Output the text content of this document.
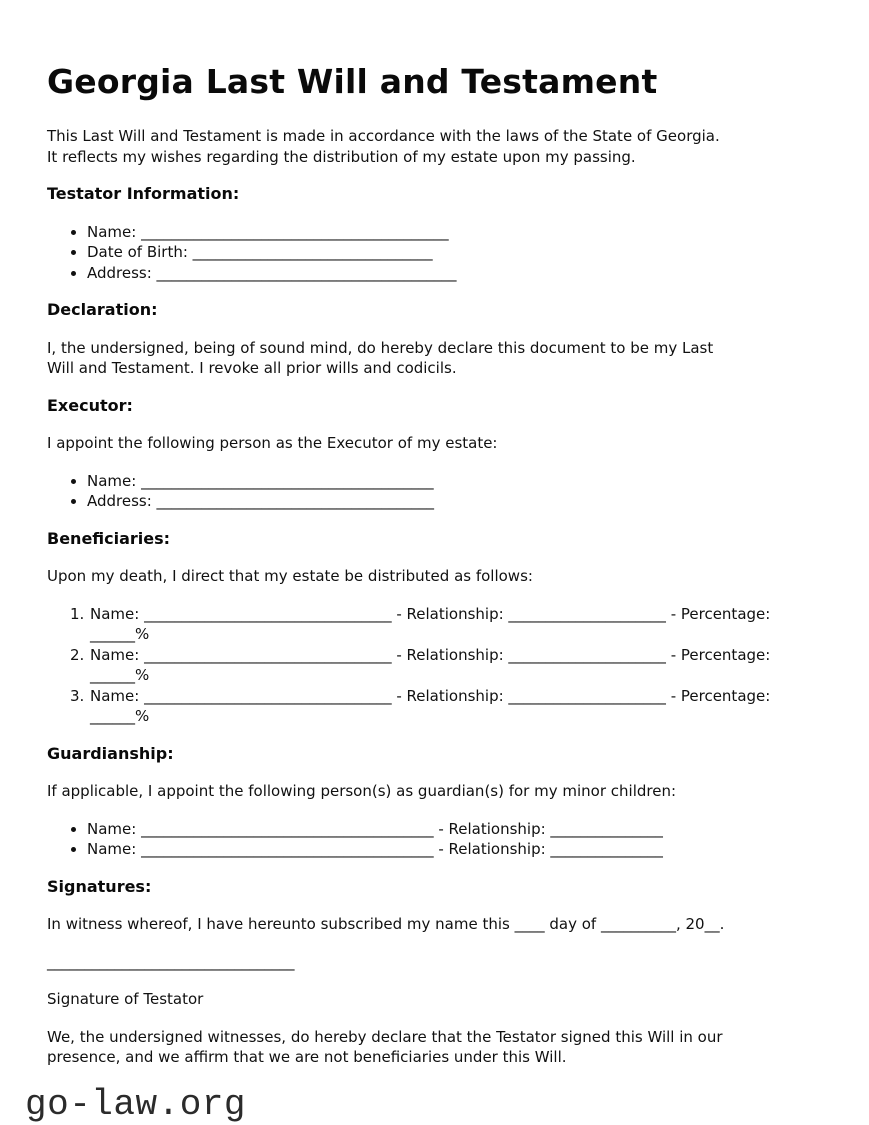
Georgia Last Will and Testament

This Last Will and Testament is made in accordance with the laws of the State of Georgia.
It reflects my wishes regarding the distribution of my estate upon my passing.

Testator Information:
• Name: _________________________________________
• Date of Birth: ________________________________
• Address: ________________________________________
Declaration:

I, the undersigned, being of sound mind, do hereby declare this document to be my Last
Will and Testament. I revoke all prior wills and codicils.

Executor:

I appoint the following person as the Executor of my estate:

• Name: _______________________________________
• Address: _____________________________________
Beneficiaries:

Upon my death, I direct that my estate be distributed as follows:

1. Name: _________________________________ - Relationship: _____________________ - Percentage:
______%
2. Name: _________________________________ - Relationship: _____________________ - Percentage:
______%
3. Name: _________________________________ - Relationship: _____________________ - Percentage:
______%
Guardianship:

If applicable, I appoint the following person(s) as guardian(s) for my minor children:

• Name: _______________________________________ - Relationship: _______________
• Name: _______________________________________ - Relationship: _______________
Signatures:

In witness whereof, I have hereunto subscribed my name this ____ day of __________, 20__.

_________________________________

Signature of Testator

We, the undersigned witnesses, do hereby declare that the Testator signed this Will in our
presence, and we affirm that we are not beneficiaries under this Will.

go-law.org
